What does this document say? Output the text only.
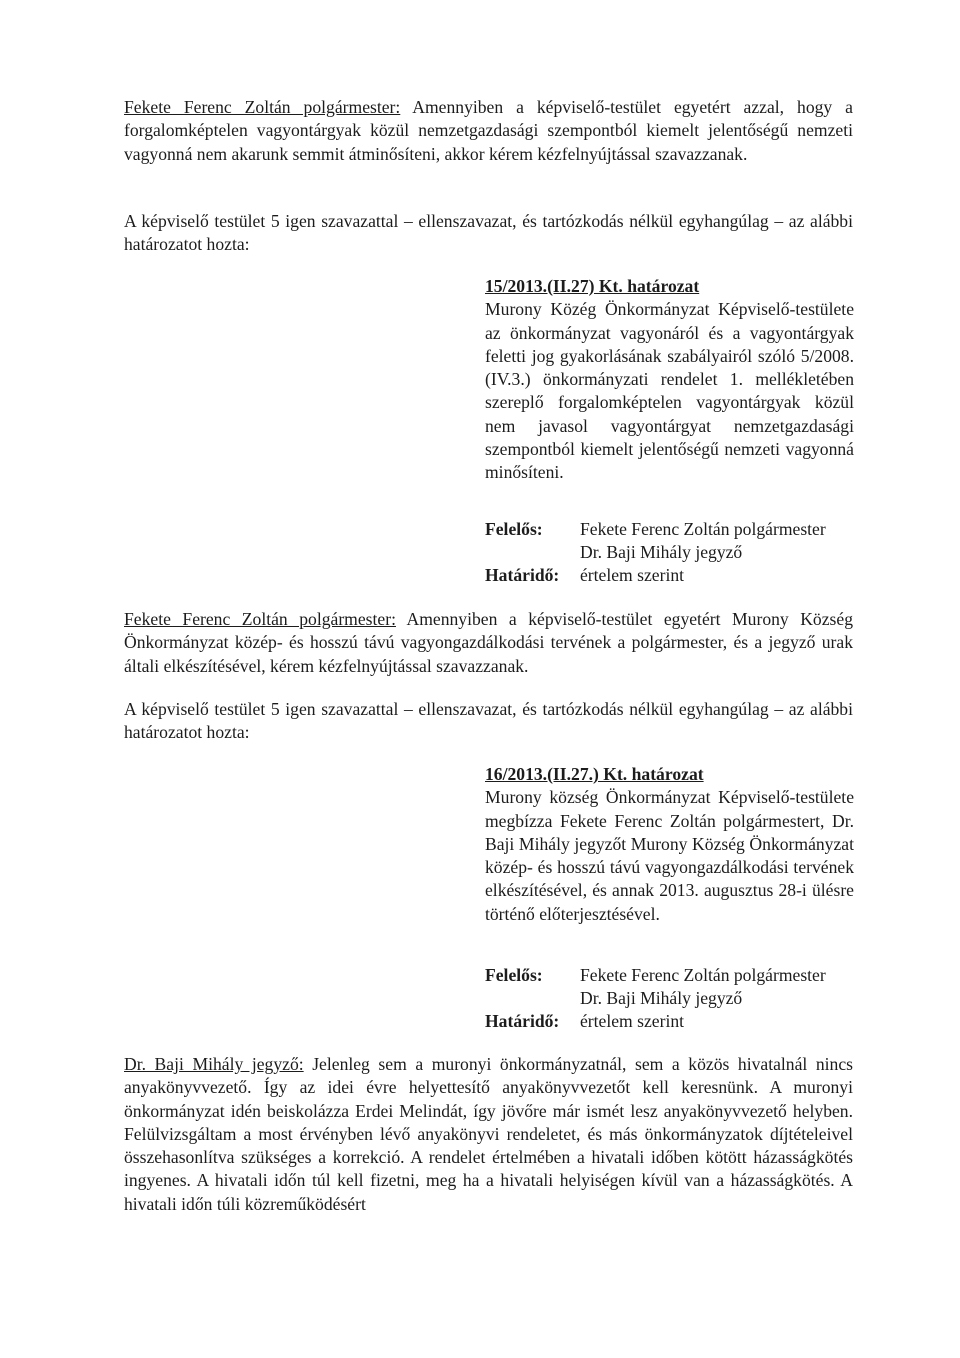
Fekete Ferenc Zoltán polgármester: Amennyiben a képviselő-testület egyetért azzal, hogy a forgalomképtelen vagyontárgyak közül nemzetgazdasági szempontból kiemelt jelentőségű nemzeti vagyonná nem akarunk semmit átminősíteni, akkor kérem kézfelnyújtással szavazzanak.

A képviselő testület 5 igen szavazattal – ellenszavazat, és tartózkodás nélkül egyhangúlag – az alábbi határozatot hozta:

15/2013.(II.27) Kt. határozat
Murony Közég Önkormányzat Képviselő-testülete az önkormányzat vagyonáról és a vagyontárgyak feletti jog gyakorlásának szabályairól szóló 5/2008.(IV.3.) önkormányzati rendelet 1. mellékletében szereplő forgalomképtelen vagyontárgyak közül nem javasol vagyontárgyat nemzetgazdasági szempontból kiemelt jelentőségű nemzeti vagyonná minősíteni.
Felelős: Fekete Ferenc Zoltán polgármester
Dr. Baji Mihály jegyző
Határidő: értelem szerint

Fekete Ferenc Zoltán polgármester: Amennyiben a képviselő-testület egyetért Murony Község Önkormányzat közép- és hosszú távú vagyongazdálkodási tervének a polgármester, és a jegyző urak általi elkészítésével, kérem kézfelnyújtással szavazzanak.

A képviselő testület 5 igen szavazattal – ellenszavazat, és tartózkodás nélkül egyhangúlag – az alábbi határozatot hozta:

16/2013.(II.27.) Kt. határozat
Murony község Önkormányzat Képviselő-testülete megbízza Fekete Ferenc Zoltán polgármestert, Dr. Baji Mihály jegyzőt Murony Község Önkormányzat közép- és hosszú távú vagyongazdálkodási tervének elkészítésével, és annak 2013. augusztus 28-i ülésre történő előterjesztésével.
Felelős: Fekete Ferenc Zoltán polgármester
Dr. Baji Mihály jegyző
Határidő: értelem szerint

Dr. Baji Mihály jegyző: Jelenleg sem a muronyi önkormányzatnál, sem a közös hivatalnál nincs anyakönyvvezető. Így az idei évre helyettesítő anyakönyvvezetőt kell keresnünk. A muronyi önkormányzat idén beiskolázza Erdei Melindát, így jövőre már ismét lesz anyakönyvvezető helyben. Felülvizsgáltam a most érvényben lévő anyakönyvi rendeletet, és más önkormányzatok díjtételeivel összehasonlítva szükséges a korrekció. A rendelet értelmében a hivatali időben kötött házasságkötés ingyenes. A hivatali időn túl kell fizetni, meg ha a hivatali helyiségen kívül van a házasságkötés. A hivatali időn túli közreműködésért
